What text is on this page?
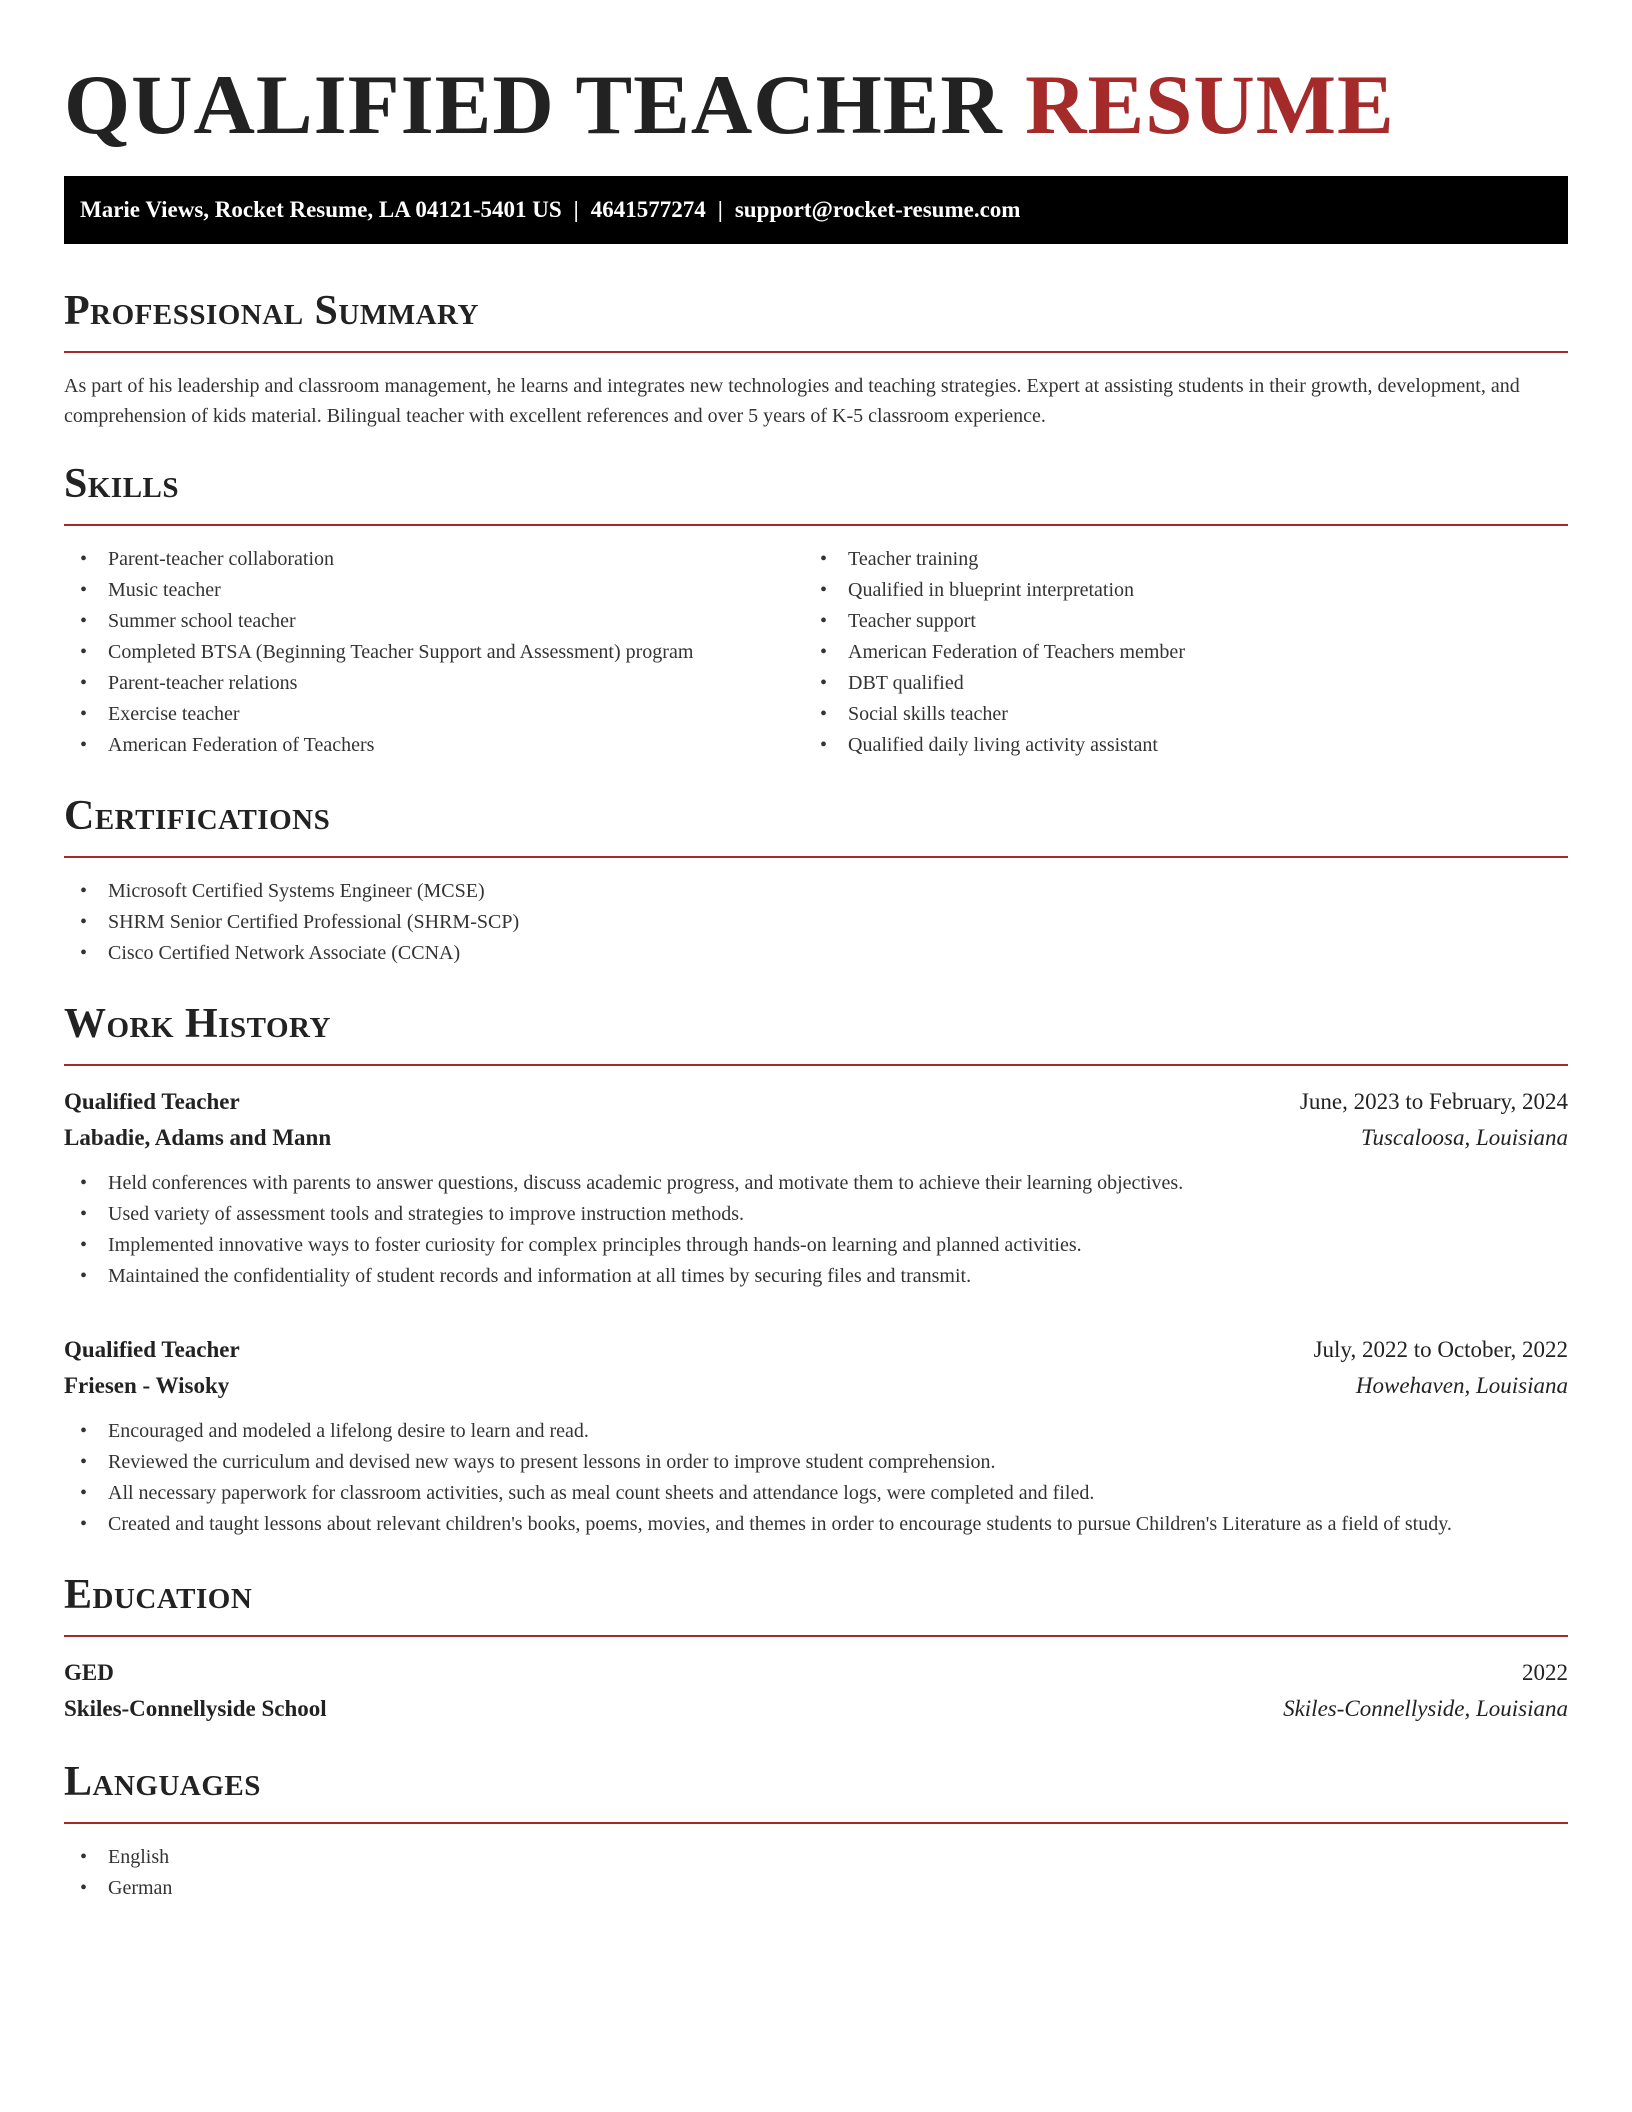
QUALIFIED TEACHER RESUME
Marie Views, Rocket Resume, LA 04121-5401 US | 4641577274 | support@rocket-resume.com
Professional Summary

As part of his leadership and classroom management, he learns and integrates new technologies and teaching strategies. Expert at assisting students in their growth, development, and comprehension of kids material. Bilingual teacher with excellent references and over 5 years of K-5 classroom experience.

Skills
• Parent-teacher collaboration
• Music teacher
• Summer school teacher
• Completed BTSA (Beginning Teacher Support and Assessment) program
• Parent-teacher relations
• Exercise teacher
• American Federation of Teachers
• Teacher training
• Qualified in blueprint interpretation
• Teacher support
• American Federation of Teachers member
• DBT qualified
• Social skills teacher
• Qualified daily living activity assistant
Certifications
• Microsoft Certified Systems Engineer (MCSE)
• SHRM Senior Certified Professional (SHRM-SCP)
• Cisco Certified Network Associate (CCNA)
Work History
Qualified Teacher	June, 2023 to February, 2024
Labadie, Adams and Mann	Tuscaloosa, Louisiana
• Held conferences with parents to answer questions, discuss academic progress, and motivate them to achieve their learning objectives.
• Used variety of assessment tools and strategies to improve instruction methods.
• Implemented innovative ways to foster curiosity for complex principles through hands-on learning and planned activities.
• Maintained the confidentiality of student records and information at all times by securing files and transmit.
Qualified Teacher	July, 2022 to October, 2022
Friesen - Wisoky	Howehaven, Louisiana
• Encouraged and modeled a lifelong desire to learn and read.
• Reviewed the curriculum and devised new ways to present lessons in order to improve student comprehension.
• All necessary paperwork for classroom activities, such as meal count sheets and attendance logs, were completed and filed.
• Created and taught lessons about relevant children's books, poems, movies, and themes in order to encourage students to pursue Children's Literature as a field of study.
Education
GED	2022
Skiles-Connellyside School	Skiles-Connellyside, Louisiana
Languages
• English
• German
